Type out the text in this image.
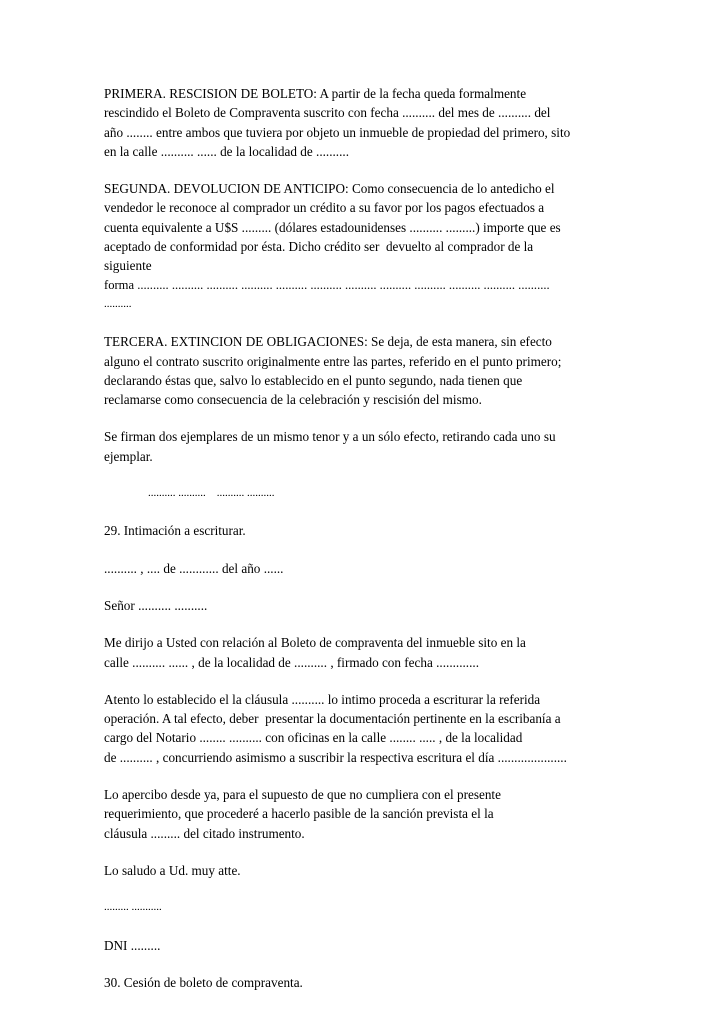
PRIMERA. RESCISION DE BOLETO: A partir de la fecha queda formalmente
rescindido el Boleto de Compraventa suscrito con fecha .......... del mes de .......... del
año ........ entre ambos que tuviera por objeto un inmueble de propiedad del primero, sito
en la calle .......... ...... de la localidad de ..........

SEGUNDA. DEVOLUCION DE ANTICIPO: Como consecuencia de lo antedicho el
vendedor le reconoce al comprador un crédito a su favor por los pagos efectuados a
cuenta equivalente a U$S ......... (dólares estadounidenses .......... .........) importe que es
aceptado de conformidad por ésta. Dicho crédito ser  devuelto al comprador de la
siguiente
forma .......... .......... .......... .......... .......... .......... .......... .......... .......... .......... .......... ..........
..........

TERCERA. EXTINCION DE OBLIGACIONES: Se deja, de esta manera, sin efecto
alguno el contrato suscrito originalmente entre las partes, referido en el punto primero;
declarando éstas que, salvo lo establecido en el punto segundo, nada tienen que
reclamarse como consecuencia de la celebración y rescisión del mismo.

Se firman dos ejemplares de un mismo tenor y a un sólo efecto, retirando cada uno su
ejemplar.

.......... ..........    .......... ..........

29. Intimación a escriturar.

.......... , .... de ............ del año ......

Señor .......... ..........

Me dirijo a Usted con relación al Boleto de compraventa del inmueble sito en la
calle .......... ...... , de la localidad de .......... , firmado con fecha .............

Atento lo establecido el la cláusula .......... lo intimo proceda a escriturar la referida
operación. A tal efecto, deber  presentar la documentación pertinente en la escribanía a
cargo del Notario ........ .......... con oficinas en la calle ........ ..... , de la localidad
de .......... , concurriendo asimismo a suscribir la respectiva escritura el día .....................

Lo apercibo desde ya, para el supuesto de que no cumpliera con el presente
requerimiento, que procederé a hacerlo pasible de la sanción prevista el la
cláusula ......... del citado instrumento.

Lo saludo a Ud. muy atte.

......... ...........

DNI .........

30. Cesión de boleto de compraventa.
